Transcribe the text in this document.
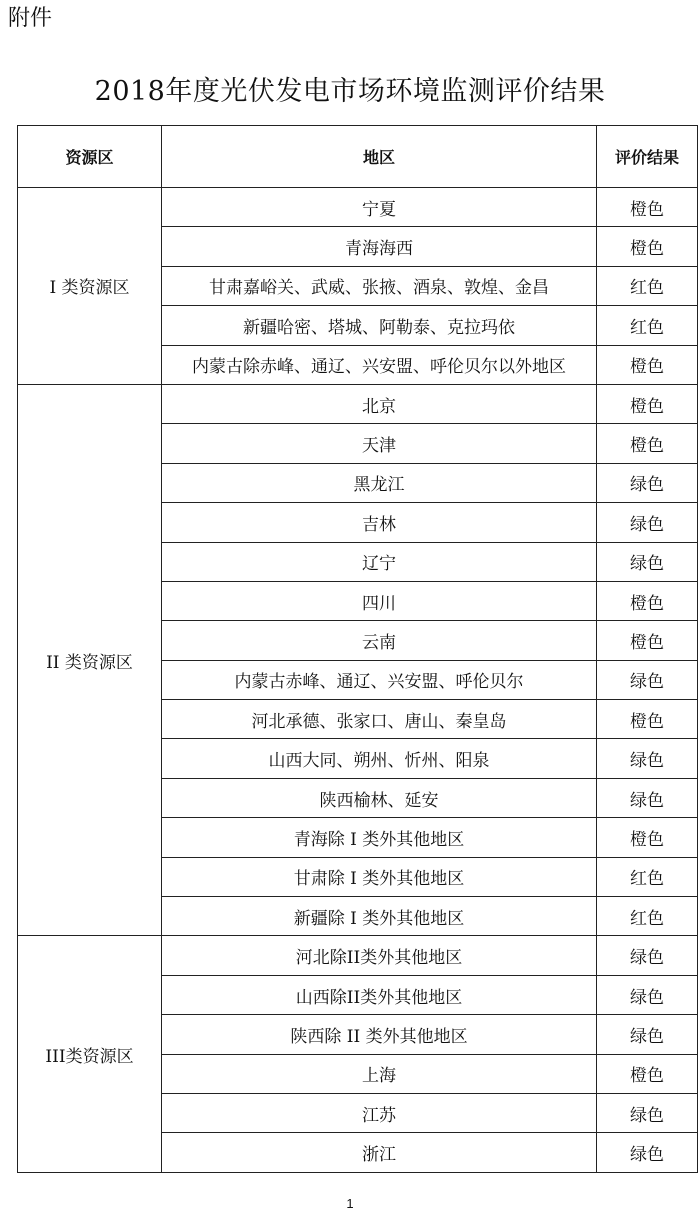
附件
2018年度光伏发电市场环境监测评价结果
资源区	地区	评价结果
I 类资源区	宁夏	橙色
	青海海西	橙色
	甘肃嘉峪关、武威、张掖、酒泉、敦煌、金昌	红色
	新疆哈密、塔城、阿勒泰、克拉玛依	红色
	内蒙古除赤峰、通辽、兴安盟、呼伦贝尔以外地区	橙色
II 类资源区	北京	橙色
	天津	橙色
	黑龙江	绿色
	吉林	绿色
	辽宁	绿色
	四川	橙色
	云南	橙色
	内蒙古赤峰、通辽、兴安盟、呼伦贝尔	绿色
	河北承德、张家口、唐山、秦皇岛	橙色
	山西大同、朔州、忻州、阳泉	绿色
	陕西榆林、延安	绿色
	青海除 I 类外其他地区	橙色
	甘肃除 I 类外其他地区	红色
	新疆除 I 类外其他地区	红色
III类资源区	河北除II类外其他地区	绿色
	山西除II类外其他地区	绿色
	陕西除 II 类外其他地区	绿色
	上海	橙色
	江苏	绿色
	浙江	绿色
1
